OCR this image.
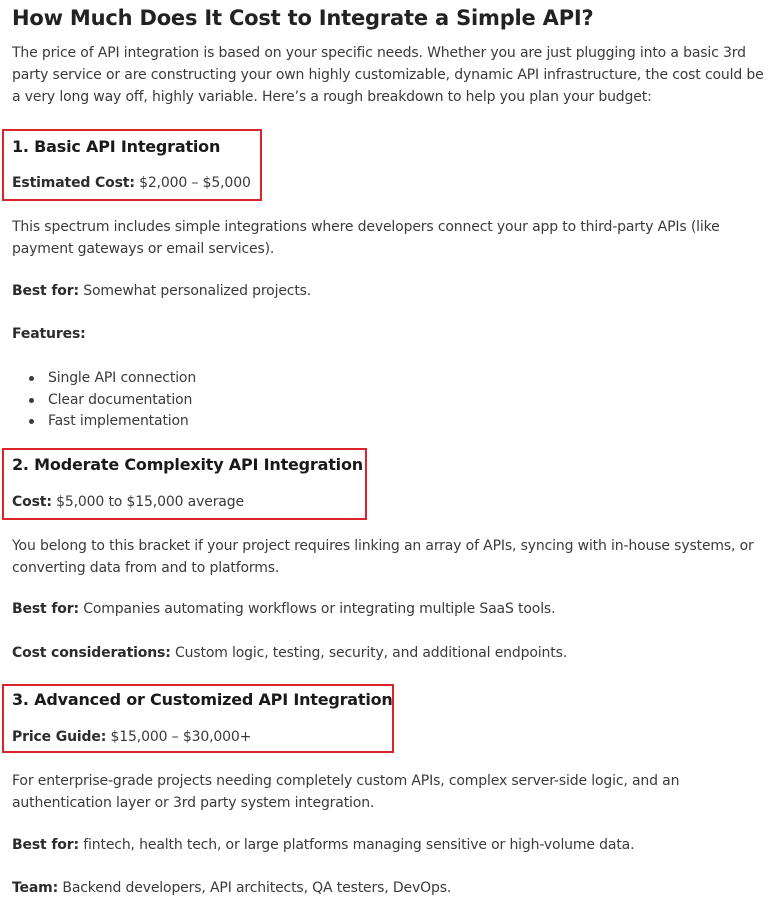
How Much Does It Cost to Integrate a Simple API?

The price of API integration is based on your specific needs. Whether you are just plugging into a basic 3rd party service or are constructing your own highly customizable, dynamic API infrastructure, the cost could be a very long way off, highly variable. Here’s a rough breakdown to help you plan your budget:

1. Basic API Integration

Estimated Cost: $2,000 – $5,000

This spectrum includes simple integrations where developers connect your app to third-party APIs (like payment gateways or email services).

Best for: Somewhat personalized projects.

Features:

Single API connection
Clear documentation
Fast implementation

2. Moderate Complexity API Integration

Cost: $5,000 to $15,000 average

You belong to this bracket if your project requires linking an array of APIs, syncing with in-house systems, or converting data from and to platforms.

Best for: Companies automating workflows or integrating multiple SaaS tools.

Cost considerations: Custom logic, testing, security, and additional endpoints.

3. Advanced or Customized API Integration

Price Guide: $15,000 – $30,000+

For enterprise-grade projects needing completely custom APIs, complex server-side logic, and an authentication layer or 3rd party system integration.

Best for: fintech, health tech, or large platforms managing sensitive or high-volume data.

Team: Backend developers, API architects, QA testers, DevOps.
